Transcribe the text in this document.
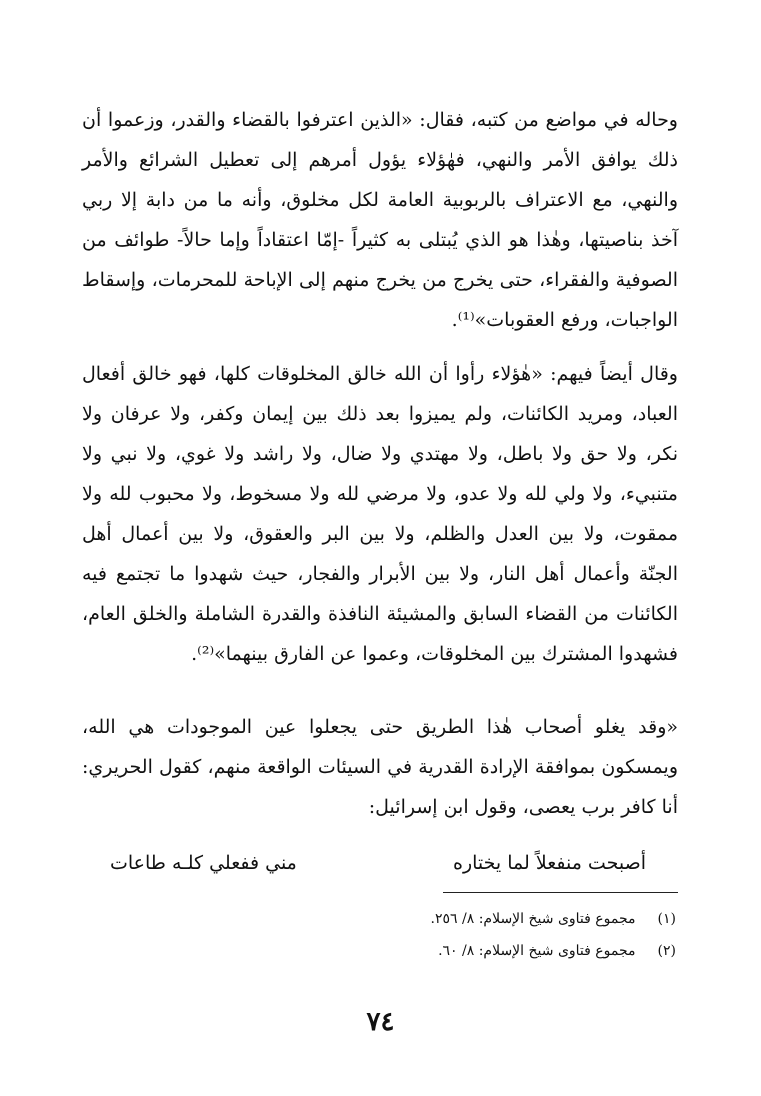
وحاله في مواضع من كتبه، فقال: «الذين اعترفوا بالقضاء والقدر، وزعموا أن ذلك يوافق الأمر والنهي، فهٰؤلاء يؤول أمرهم إلى تعطيل الشرائع والأمر والنهي، مع الاعتراف بالربوبية العامة لكل مخلوق، وأنه ما من دابة إلا ربي آخذ بناصيتها، وهٰذا هو الذي يُبتلى به كثيراً -إمّا اعتقاداً وإما حالاً- طوائف من الصوفية والفقراء، حتى يخرج من يخرج منهم إلى الإباحة للمحرمات، وإسقاط الواجبات، ورفع العقوبات»⁽¹⁾.

وقال أيضاً فيهم: «هٰؤلاء رأوا أن الله خالق المخلوقات كلها، فهو خالق أفعال العباد، ومريد الكائنات، ولم يميزوا بعد ذلك بين إيمان وكفر، ولا عرفان ولا نكر، ولا حق ولا باطل، ولا مهتدي ولا ضال، ولا راشد ولا غوي، ولا نبي ولا متنبيء، ولا ولي لله ولا عدو، ولا مرضي لله ولا مسخوط، ولا محبوب لله ولا ممقوت، ولا بين العدل والظلم، ولا بين البر والعقوق، ولا بين أعمال أهل الجنّة وأعمال أهل النار، ولا بين الأبرار والفجار، حيث شهدوا ما تجتمع فيه الكائنات من القضاء السابق والمشيئة النافذة والقدرة الشاملة والخلق العام، فشهدوا المشترك بين المخلوقات، وعموا عن الفارق بينهما»⁽²⁾.

«وقد يغلو أصحاب هٰذا الطريق حتى يجعلوا عين الموجودات هي الله، ويمسكون بموافقة الإرادة القدرية في السيئات الواقعة منهم، كقول الحريري: أنا كافر برب يعصى، وقول ابن إسرائيل:

أصبحت منفعلاً لما يختاره
مني ففعلي كلـه طاعات
(١)مجموع فتاوى شيخ الإسلام: ٨/ ٢٥٦.
(٢)مجموع فتاوى شيخ الإسلام: ٨/ ٦٠.
٧٤
